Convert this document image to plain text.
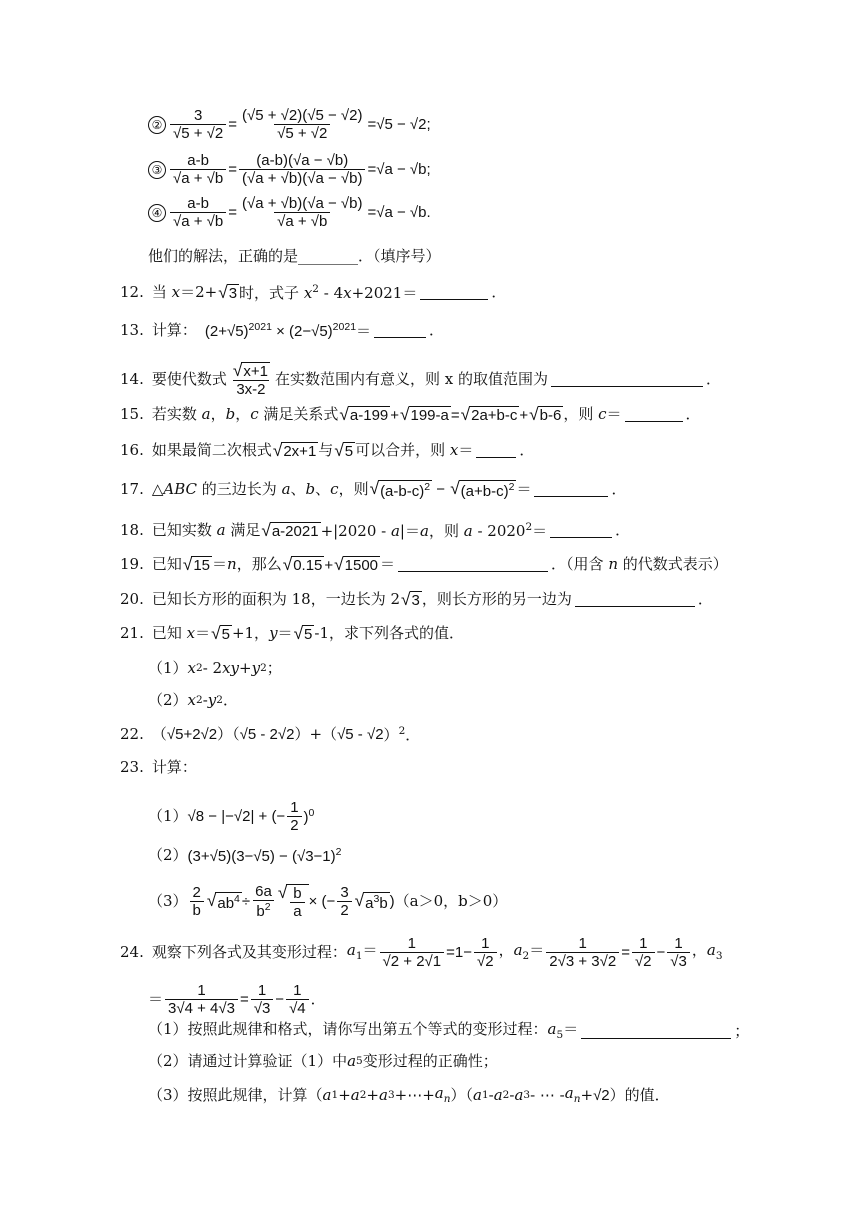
② $\frac{3}{√5 + √2} = \frac{(√5 + √2)(√5 - √2)}{√5 + √2} =√5 - √2$;
③ $\frac{a-b}{√a + √b} = \frac{(a-b)(√a - √b)}{(√a + √b)(√a - √b)} =√a - √b$;
④ $\frac{a-b}{√a + √b} = \frac{(√a + √b)(√a - √b)}{√a + √b} =√a - √b$.
他们的解法，正确的是________．（填序号）
12. 当 x＝2+ √ 3 时，式子 $x^2 - 4x+2021=$	．
13. 计算： $(2+√5)^{2021} \times (2-√5)^{2021}=$	．
14. 要使代数式 $\frac{√ x+1}{3x-2}$ 在实数范围内有意义，则 x 的取值范围为	．
15. 若实数 a，b，c 满足关系式 √ a-199 + √ 199-a = √ 2a+b-c + √ b-6 ，则 c＝	．
16. 如果最简二次根式 √ 2x+1 与 √ 5 可以合并，则 x＝	．
17. △ABC 的三边长为 a、b、c，则 √ $(a-b-c)^2$ − √ $(a+b-c)^2$ ＝	．
18. 已知实数 a 满足 √ a-2021 +|2020 - a|＝a，则 $a - 2020^2=$	．
19. 已知 √ 15 ＝n，那么 √ 0.15 + √ 1500 ＝	．（用含 n 的代数式表示）
20. 已知长方形的面积为 18，一边长为 2 √ 3 ，则长方形的另一边为	．
21. 已知 x＝ √ 5 +1，y＝ √ 5 -1，求下列各式的值．
（1） x 2 - 2 xy + y 2 ；
（2） x 2 - y 2 ．
22. （ √5+2√2 ）（ √5 - 2√2 ）+（ √5 - √2 ）$^2$．
23. 计算：
（1） √8 − |−√2| + (− $\frac{1}{2} )^0$
（2） $(3+√5)(3-√5) - (√3-1)^2$
$(3) \frac{2}{b}$ √ $ab^4 \div \frac{6a}{b^2}$ √ $\frac{b}{a}$ × (− $\frac{3}{2}$ √ $a^3b$ ) （a＞0，b＞0）
24. 观察下列各式及其变形过程： $a_1= \frac{1}{√2 + 2√1} =1- \frac{1}{√2}$ ，$a_2= \frac{1}{2√3 + 3√2} = \frac{1}{√2} - \frac{1}{√3}$ ，$a_3$
＝ $\frac{1}{3√4 + 4√3} = \frac{1}{√3} - \frac{1}{√4}$ ．
（1）按照此规律和格式，请你写出第五个等式的变形过程：$a_5=$	；
（2）请通过计算验证（1）中 a 5 变形过程的正确性；
（3）按照此规律，计算（ a 1 + a 2 + a 3 +⋯+ $a_n$ ）（ a 1 - a 2 - a 3 - ⋯ - $a_n + √2$ ）的值．
